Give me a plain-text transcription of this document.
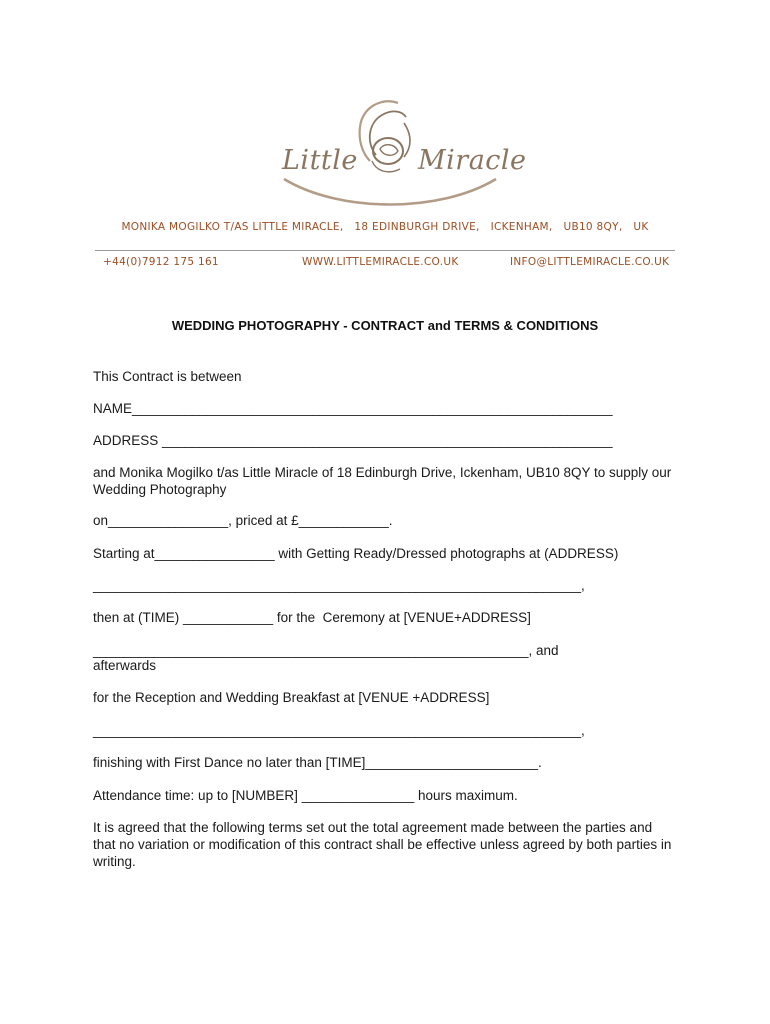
Little Miracle
MONIKA MOGILKO T/AS LITTLE MIRACLE,   18 EDINBURGH DRIVE,   ICKENHAM,   UB10 8QY,   UK
+44(0)7912 175 161	WWW.LITTLEMIRACLE.CO.UK	INFO@LITTLEMIRACLE.CO.UK
WEDDING PHOTOGRAPHY - CONTRACT and TERMS & CONDITIONS
This Contract is between
NAME________________________________________________________________
ADDRESS ____________________________________________________________
and Monika Mogilko t/as Little Miracle of 18 Edinburgh Drive, Ickenham, UB10 8QY to supply our Wedding Photography
on________________, priced at £____________.
Starting at________________ with Getting Ready/Dressed photographs at (ADDRESS)
_________________________________________________________________,
then at (TIME) ____________ for the  Ceremony at [VENUE+ADDRESS]
__________________________________________________________, and
afterwards
for the Reception and Wedding Breakfast at [VENUE +ADDRESS]
_________________________________________________________________,
finishing with First Dance no later than [TIME]_______________________.
Attendance time: up to [NUMBER] _______________ hours maximum.
It is agreed that the following terms set out the total agreement made between the parties and that no variation or modification of this contract shall be effective unless agreed by both parties in writing.
